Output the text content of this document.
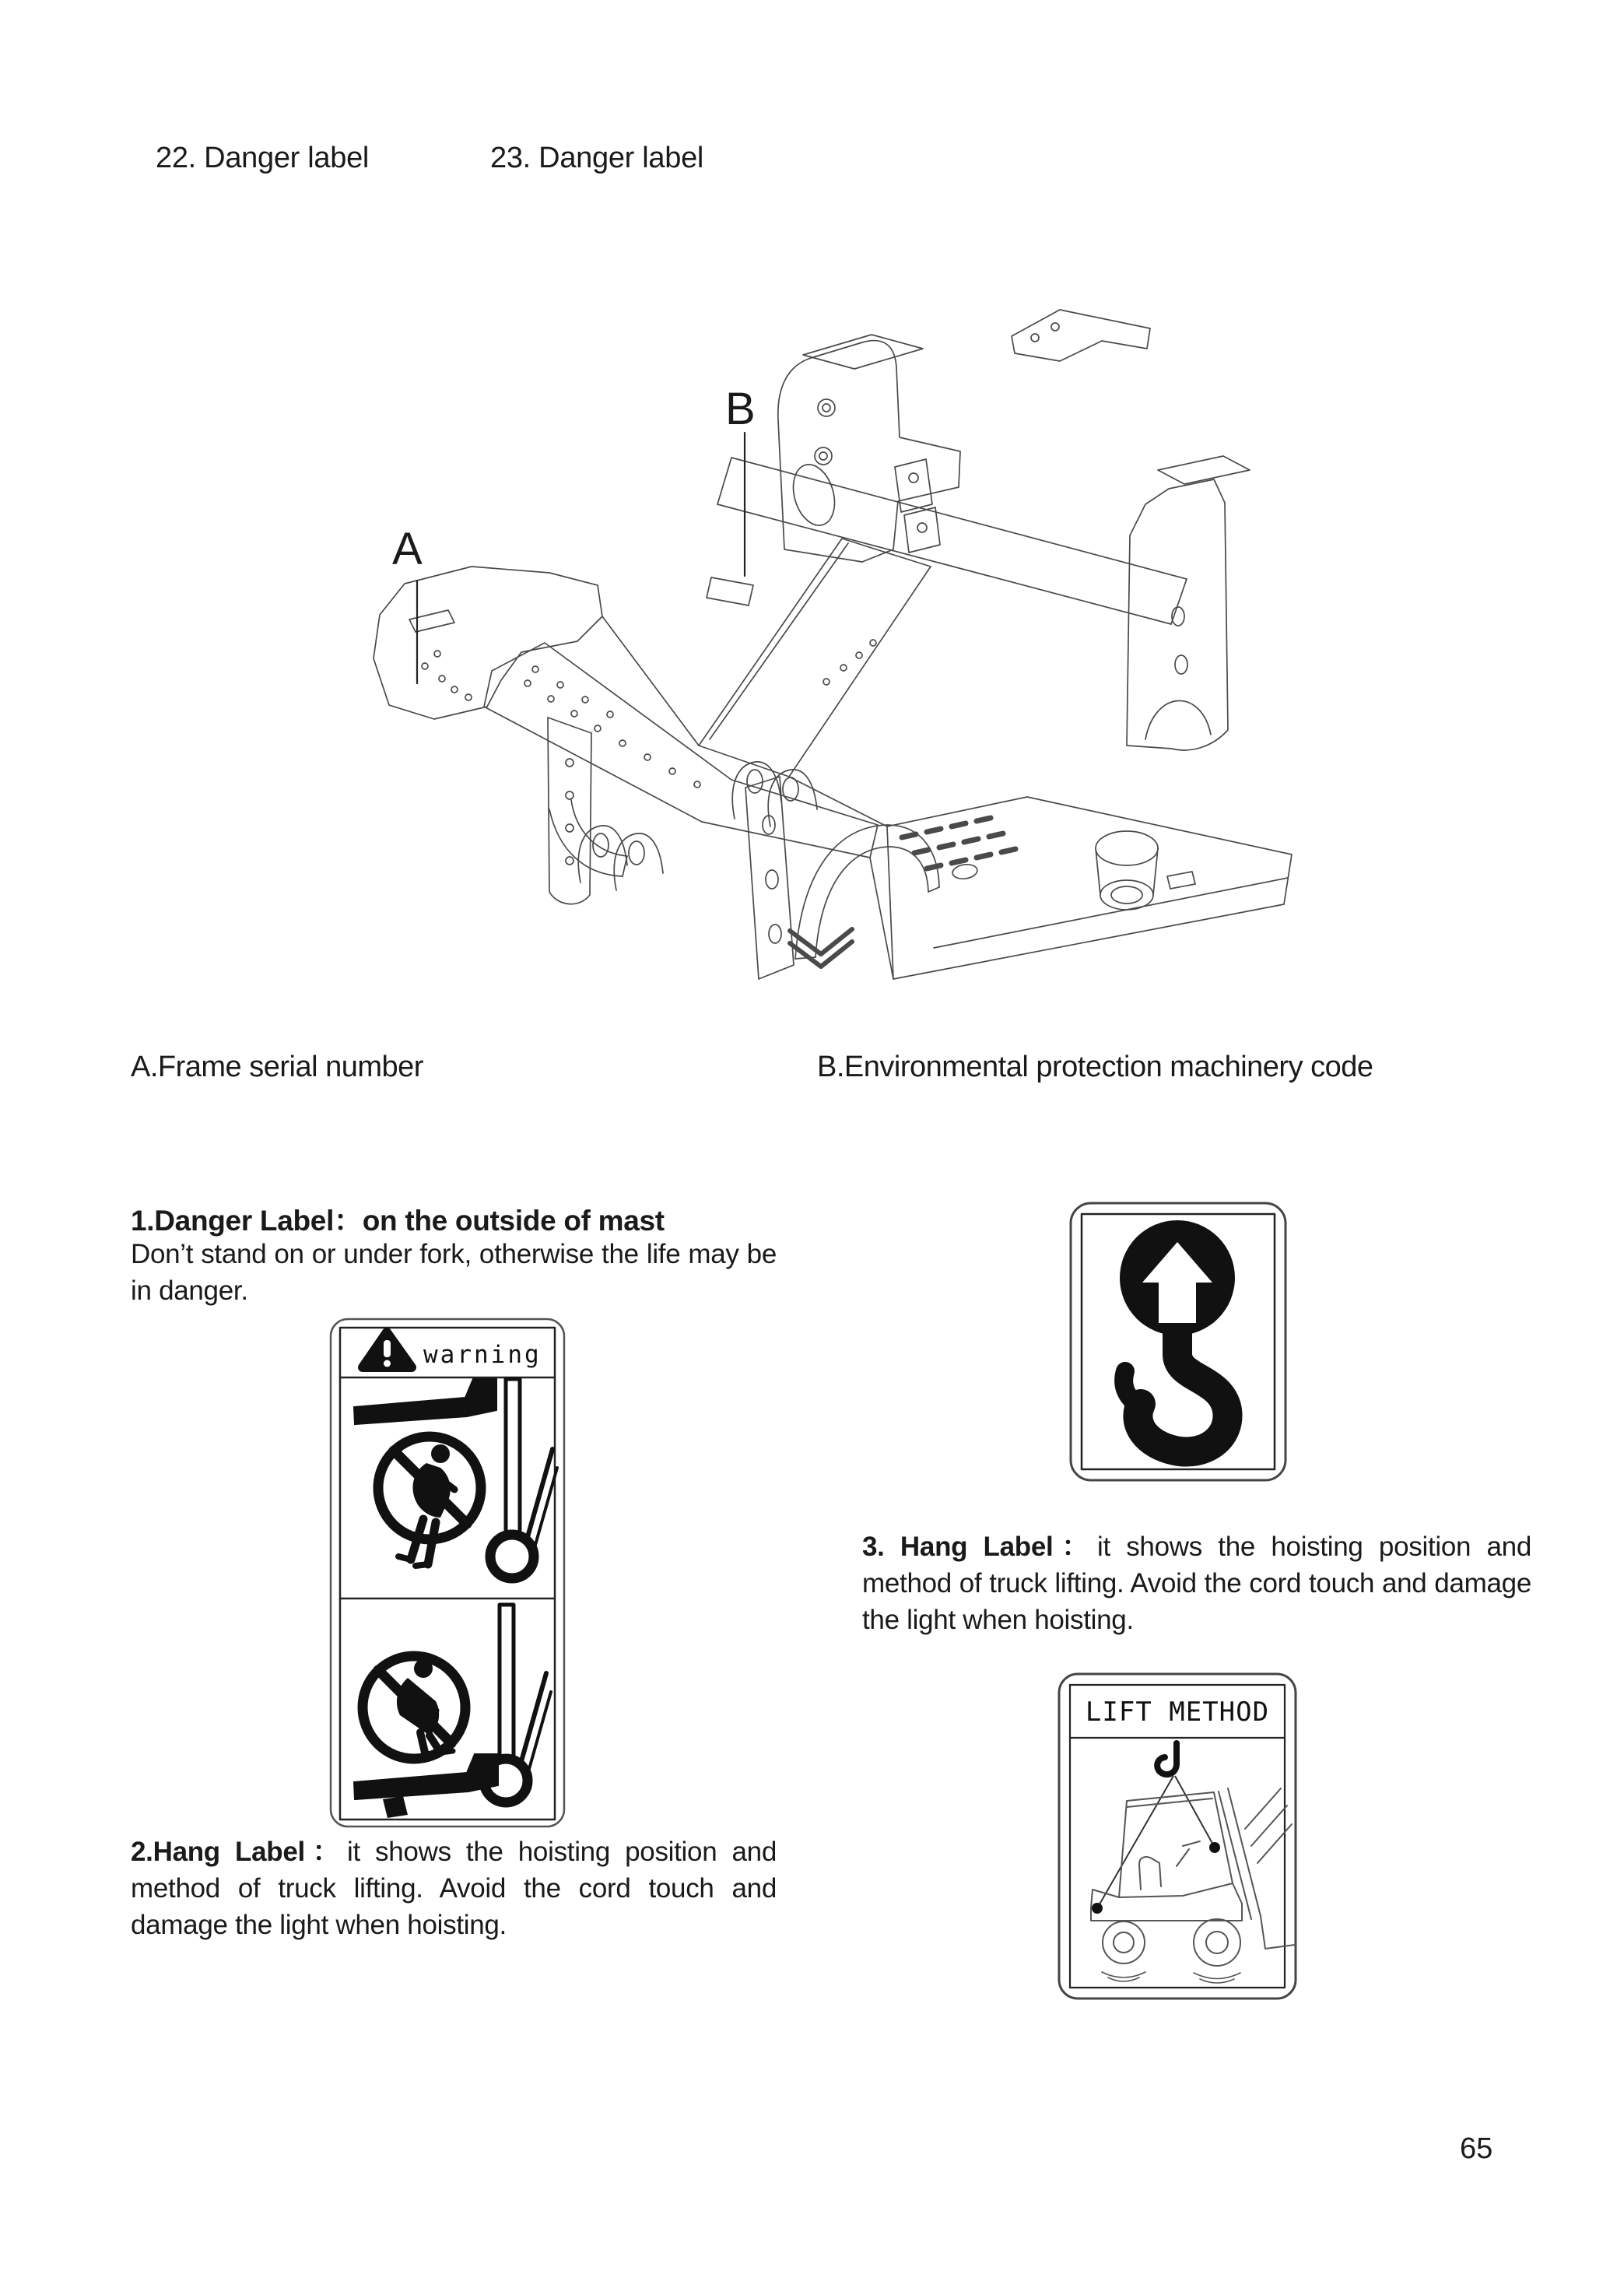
22. Danger label	23. Danger label
A
B
A.Frame serial number	B.Environmental protection machinery code
1.Danger Label：on the outside of mast

Don’t stand on or under fork, otherwise the life may be in danger.

warning

2.Hang Label：it shows the hoisting position and method of truck lifting. Avoid the cord touch and damage the light when hoisting.

3. Hang Label：it shows the hoisting position and method of truck lifting. Avoid the cord touch and damage the light when hoisting.

LIFT METHOD
65
